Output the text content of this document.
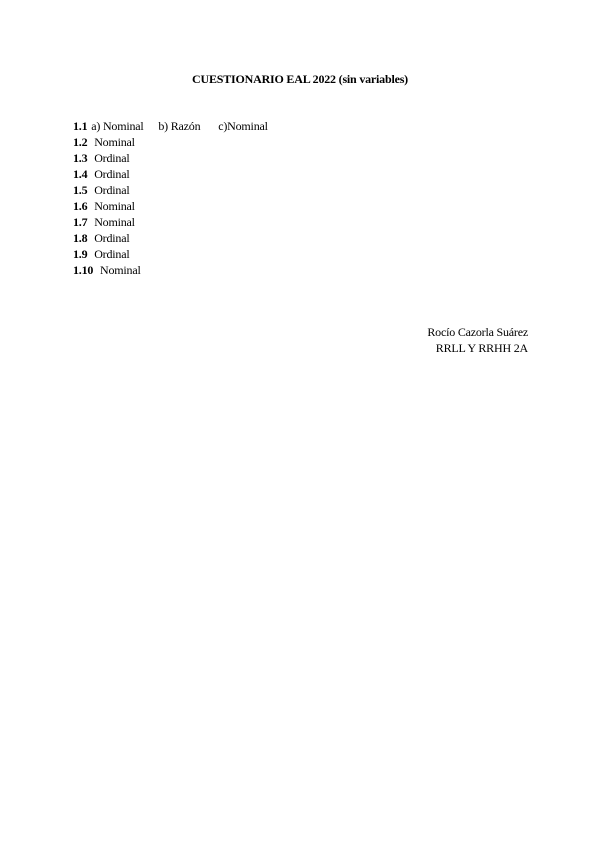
CUESTIONARIO EAL 2022 (sin variables)
1.1 a) Nominal b) Razón c)Nominal
1.2 Nominal
1.3 Ordinal
1.4 Ordinal
1.5 Ordinal
1.6 Nominal
1.7 Nominal
1.8 Ordinal
1.9 Ordinal
1.10 Nominal
Rocío Cazorla Suárez
RRLL Y RRHH 2A
